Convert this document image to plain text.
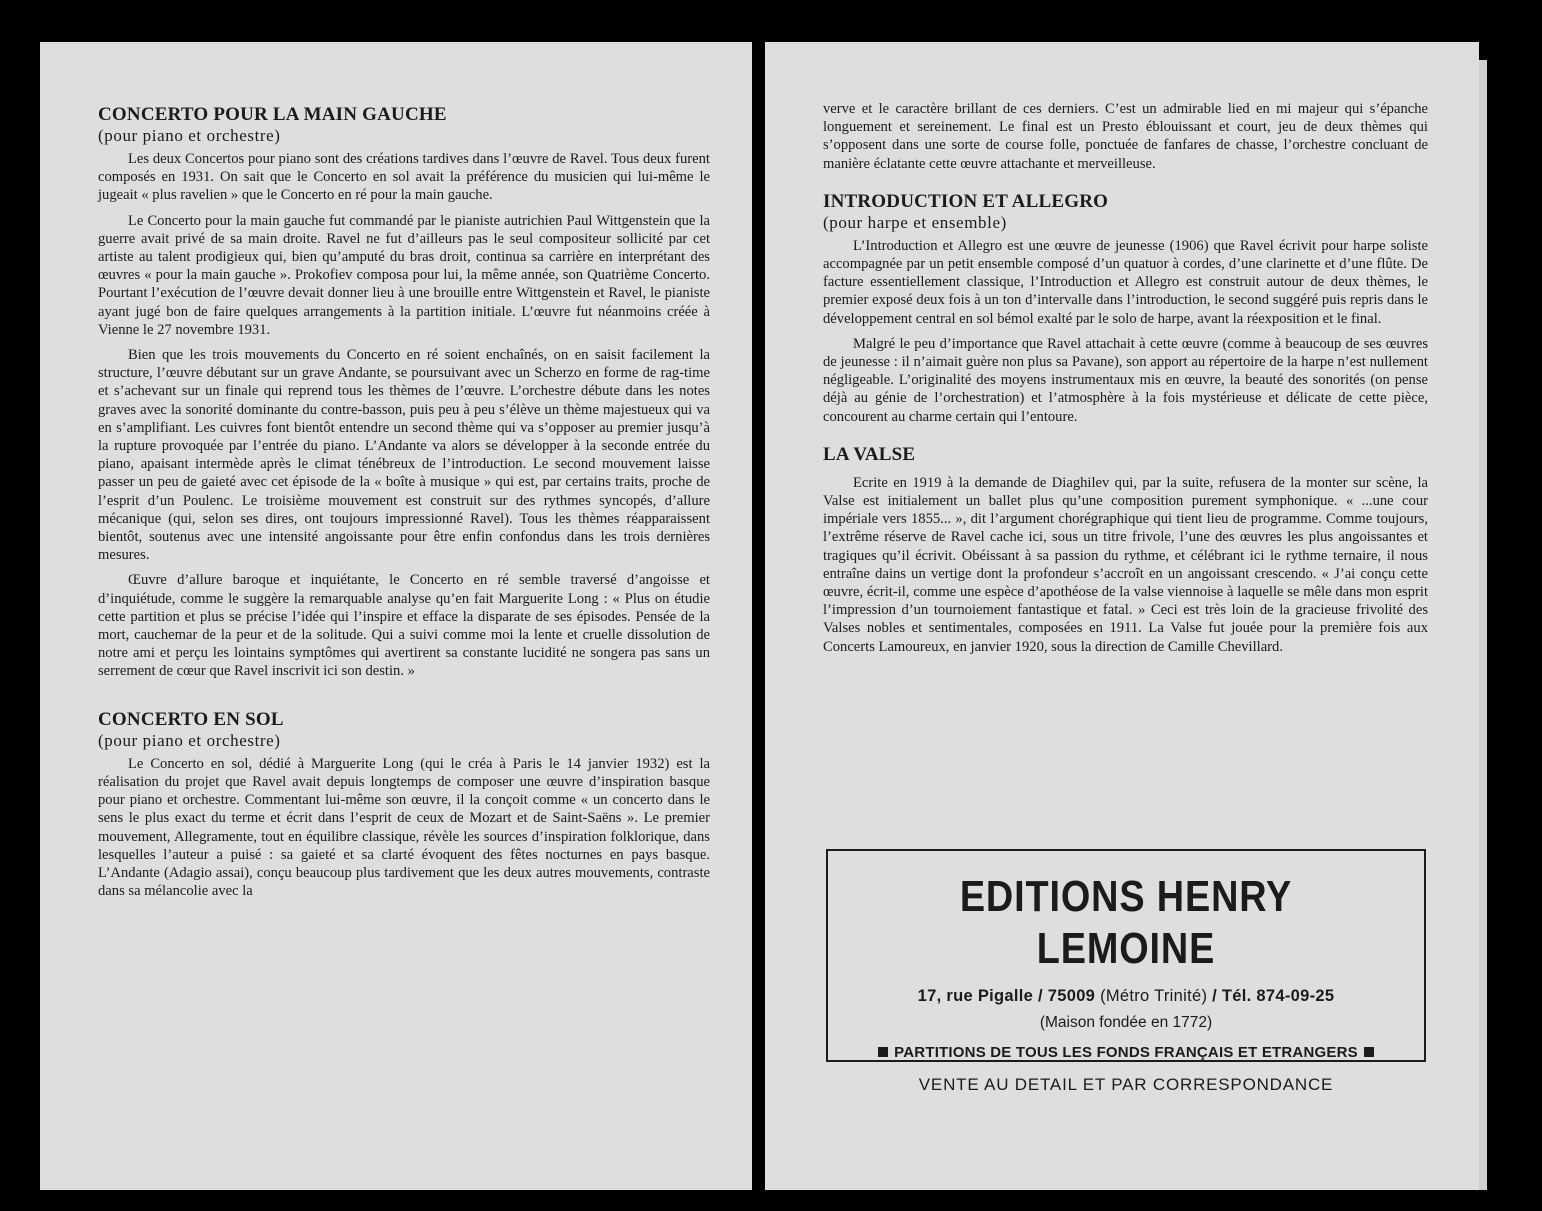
CONCERTO POUR LA MAIN GAUCHE
(pour piano et orchestre)

Les deux Concertos pour piano sont des créations tardives dans l’œuvre de Ravel. Tous deux furent composés en 1931. On sait que le Concerto en sol avait la préférence du musicien qui lui-même le jugeait « plus ravelien » que le Concerto en ré pour la main gauche.

Le Concerto pour la main gauche fut commandé par le pianiste autrichien Paul Wittgenstein que la guerre avait privé de sa main droite. Ravel ne fut d’ailleurs pas le seul compositeur sollicité par cet artiste au talent prodigieux qui, bien qu’amputé du bras droit, continua sa carrière en interprétant des œuvres « pour la main gauche ». Prokofiev composa pour lui, la même année, son Quatrième Concerto. Pourtant l’exécution de l’œuvre devait donner lieu à une brouille entre Wittgenstein et Ravel, le pianiste ayant jugé bon de faire quelques arrangements à la partition initiale. L’œuvre fut néanmoins créée à Vienne le 27 novembre 1931.

Bien que les trois mouvements du Concerto en ré soient enchaînés, on en saisit facilement la structure, l’œuvre débutant sur un grave Andante, se poursuivant avec un Scherzo en forme de rag-time et s’achevant sur un finale qui reprend tous les thèmes de l’œuvre. L’orchestre débute dans les notes graves avec la sonorité dominante du contre-basson, puis peu à peu s’élève un thème majestueux qui va en s’amplifiant. Les cuivres font bientôt entendre un second thème qui va s’opposer au premier jusqu’à la rupture provoquée par l’entrée du piano. L’Andante va alors se développer à la seconde entrée du piano, apaisant intermède après le climat ténébreux de l’introduction. Le second mouvement laisse passer un peu de gaieté avec cet épisode de la « boîte à musique » qui est, par certains traits, proche de l’esprit d’un Poulenc. Le troisième mouvement est construit sur des rythmes syncopés, d’allure mécanique (qui, selon ses dires, ont toujours impressionné Ravel). Tous les thèmes réapparaissent bientôt, soutenus avec une intensité angoissante pour être enfin confondus dans les trois dernières mesures.

Œuvre d’allure baroque et inquiétante, le Concerto en ré semble traversé d’angoisse et d’inquiétude, comme le suggère la remarquable analyse qu’en fait Marguerite Long : « Plus on étudie cette partition et plus se précise l’idée qui l’inspire et efface la disparate de ses épisodes. Pensée de la mort, cauchemar de la peur et de la solitude. Qui a suivi comme moi la lente et cruelle dissolution de notre ami et perçu les lointains symptômes qui avertirent sa constante lucidité ne songera pas sans un serrement de cœur que Ravel inscrivit ici son destin. »

CONCERTO EN SOL
(pour piano et orchestre)

Le Concerto en sol, dédié à Marguerite Long (qui le créa à Paris le 14 janvier 1932) est la réalisation du projet que Ravel avait depuis longtemps de composer une œuvre d’inspiration basque pour piano et orchestre. Commentant lui-même son œuvre, il la conçoit comme « un concerto dans le sens le plus exact du terme et écrit dans l’esprit de ceux de Mozart et de Saint-Saëns ». Le premier mouvement, Allegramente, tout en équilibre classique, révèle les sources d’inspiration folklorique, dans lesquelles l’auteur a puisé : sa gaieté et sa clarté évoquent des fêtes nocturnes en pays basque. L’Andante (Adagio assai), conçu beaucoup plus tardivement que les deux autres mouvements, contraste dans sa mélancolie avec la

verve et le caractère brillant de ces derniers. C’est un admirable lied en mi majeur qui s’épanche longuement et sereinement. Le final est un Presto éblouissant et court, jeu de deux thèmes qui s’opposent dans une sorte de course folle, ponctuée de fanfares de chasse, l’orchestre concluant de manière éclatante cette œuvre attachante et merveilleuse.

INTRODUCTION ET ALLEGRO
(pour harpe et ensemble)

L’Introduction et Allegro est une œuvre de jeunesse (1906) que Ravel écrivit pour harpe soliste accompagnée par un petit ensemble composé d’un quatuor à cordes, d’une clarinette et d’une flûte. De facture essentiellement classique, l’Introduction et Allegro est construit autour de deux thèmes, le premier exposé deux fois à un ton d’intervalle dans l’introduction, le second suggéré puis repris dans le développement central en sol bémol exalté par le solo de harpe, avant la réexposition et le final.

Malgré le peu d’importance que Ravel attachait à cette œuvre (comme à beaucoup de ses œuvres de jeunesse : il n’aimait guère non plus sa Pavane), son apport au répertoire de la harpe n’est nullement négligeable. L’originalité des moyens instrumentaux mis en œuvre, la beauté des sonorités (on pense déjà au génie de l’orchestration) et l’atmosphère à la fois mystérieuse et délicate de cette pièce, concourent au charme certain qui l’entoure.

LA VALSE

Ecrite en 1919 à la demande de Diaghilev qui, par la suite, refusera de la monter sur scène, la Valse est initialement un ballet plus qu’une composition purement symphonique. « ...une cour impériale vers 1855... », dit l’argument chorégraphique qui tient lieu de programme. Comme toujours, l’extrême réserve de Ravel cache ici, sous un titre frivole, l’une des œuvres les plus angoissantes et tragiques qu’il écrivit. Obéissant à sa passion du rythme, et célébrant ici le rythme ternaire, il nous entraîne dains un vertige dont la profondeur s’accroît en un angoissant crescendo. « J’ai conçu cette œuvre, écrit-il, comme une espèce d’apothéose de la valse viennoise à laquelle se mêle dans mon esprit l’impression d’un tournoiement fantastique et fatal. » Ceci est très loin de la gracieuse frivolité des Valses nobles et sentimentales, composées en 1911. La Valse fut jouée pour la première fois aux Concerts Lamoureux, en janvier 1920, sous la direction de Camille Chevillard.

EDITIONS HENRY LEMOINE
17, rue Pigalle / 75009 (Métro Trinité) / Tél. 874-09-25
(Maison fondée en 1772)
PARTITIONS DE TOUS LES FONDS FRANÇAIS ET ETRANGERS
VENTE AU DETAIL ET PAR CORRESPONDANCE
